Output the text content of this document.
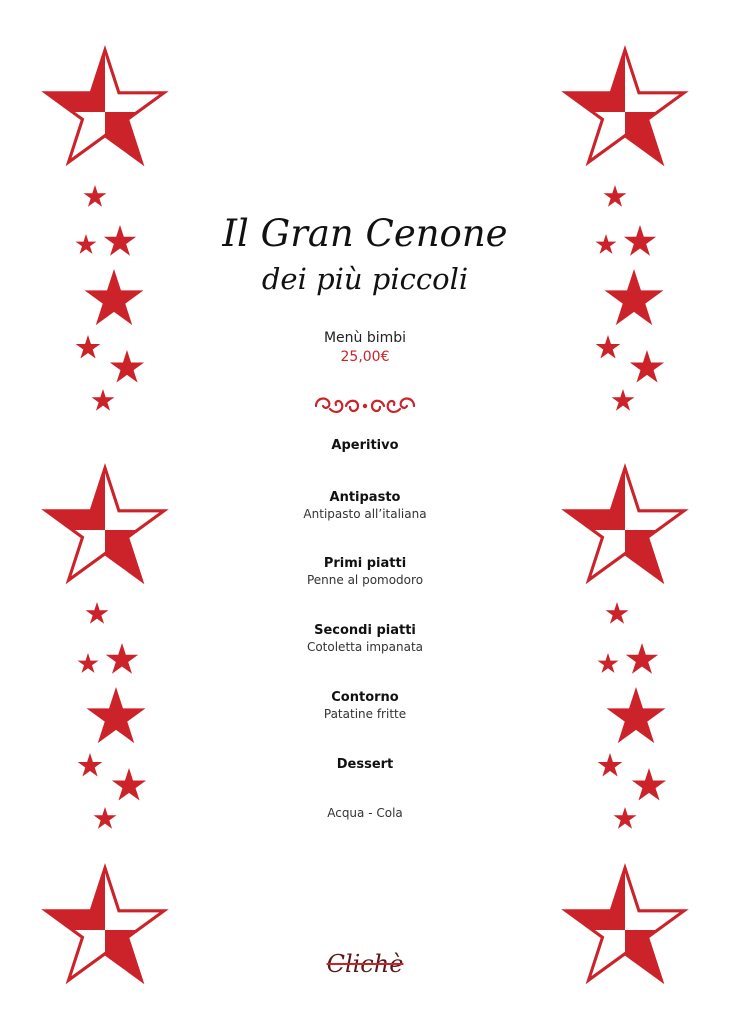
Il Gran Cenone
dei più piccoli
Menù bimbi
25,00€
Aperitivo
Antipasto
Antipasto all’italiana
Primi piatti
Penne al pomodoro
Secondi piatti
Cotoletta impanata
Contorno
Patatine fritte
Dessert
Acqua - Cola
Clichè
